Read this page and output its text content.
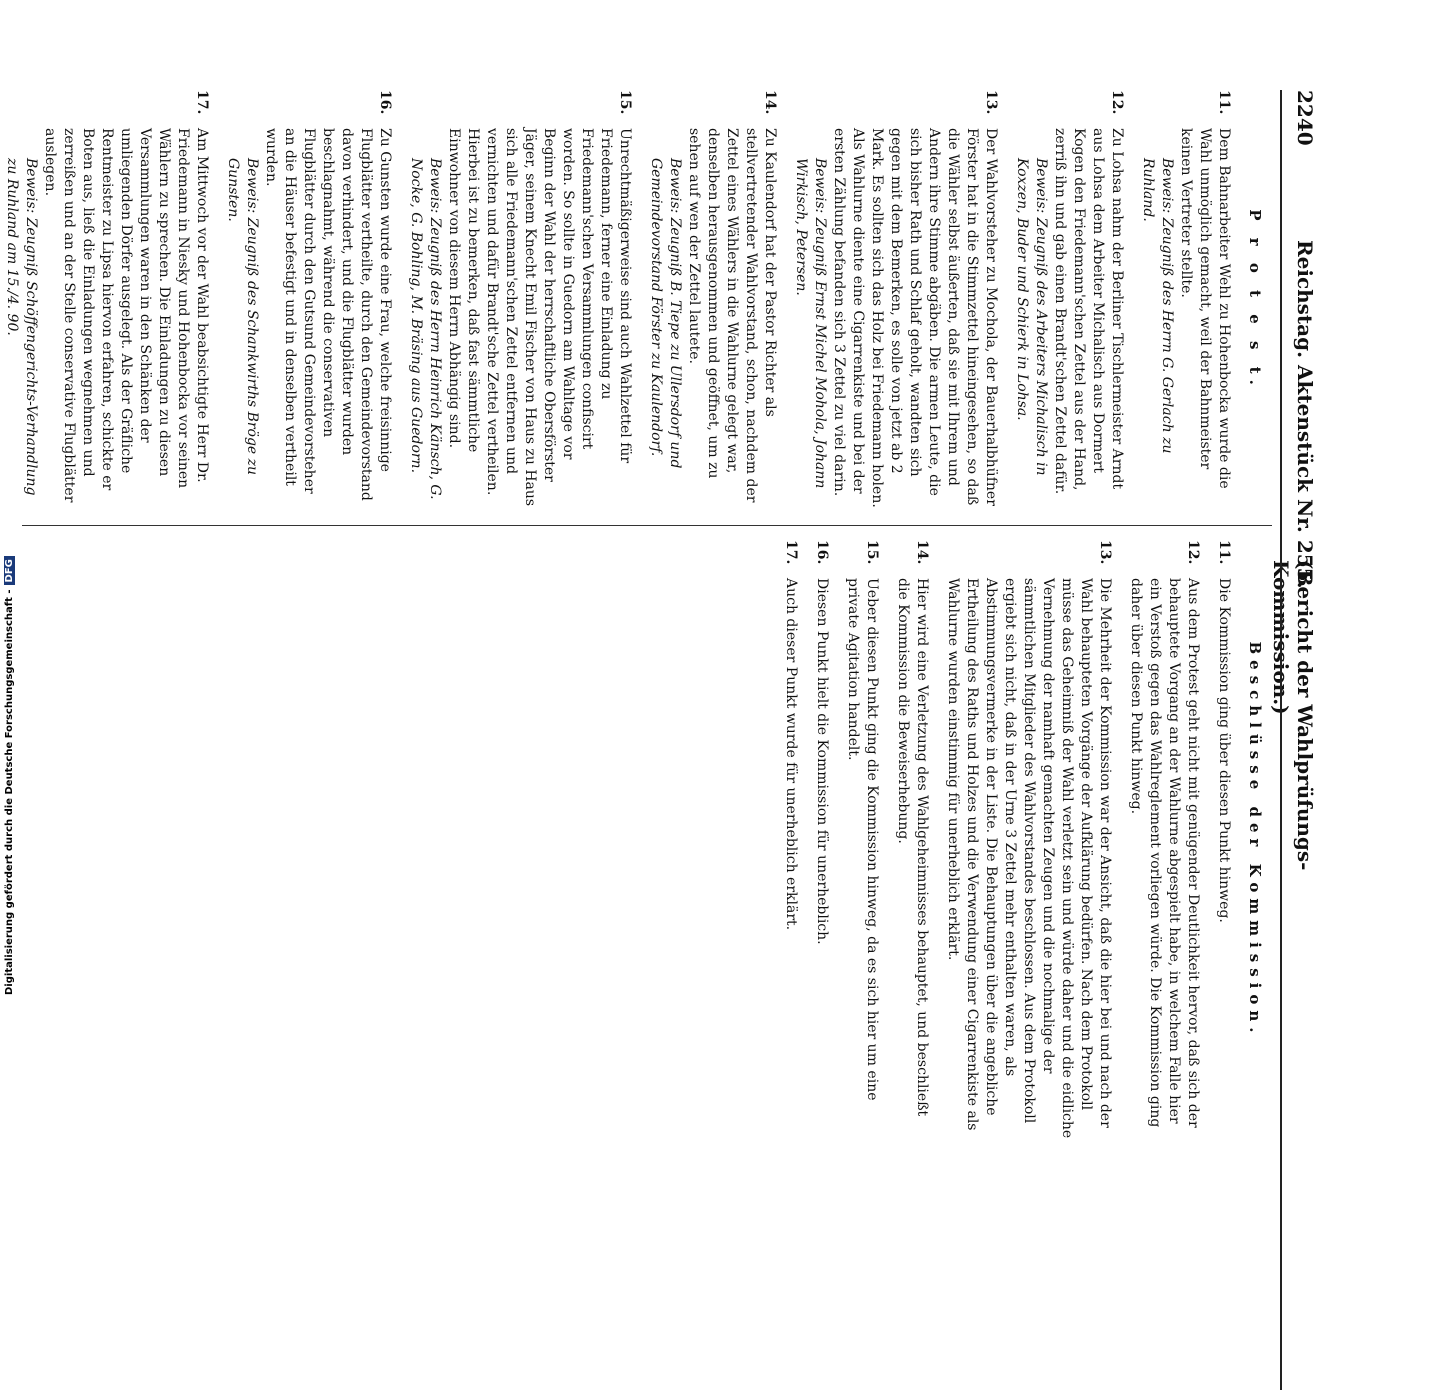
2240
Reichstag. Aktenstück Nr. 255.
(Bericht der Wahlprüfungs-Kommission.)
P r o t e s t.
11.
Dem Bahnarbeiter Wehl zu Hohenbocka wurde die Wahl unmöglich gemacht, weil der Bahnmeister keinen Vertreter stellte.
Beweis: Zeugniß des Herrn G. Gerlach zu Ruhland.
12.
Zu Lohsa nahm der Berliner Tischlermeister Arndt aus Lohsa dem Arbeiter Michalisch aus Dormert Kogen den Friedemann'schen Zettel aus der Hand, zerriß ihn und gab einen Brandt'schen Zettel dafür.
Beweis: Zeugniß des Arbeiters Michalisch in Koxzen, Buder und Schierk in Lohsa.
13.
Der Wahlvorsteher zu Mochola, der Bauerhalbhüfner Förster hat in die Stimmzettel hineingesehen, so daß die Wähler selbst äußerten, daß sie mit Ihrem und Andern ihre Stimme abgäben. Die armen Leute, die sich bisher Rath und Schlaf geholt, wandten sich gegen mit dem Bemerken, es solle von jetzt ab 2 Mark. Es sollten sich das Holz bei Friedemann holen. Als Wahlurne diente eine Cigarrenkiste und bei der ersten Zählung befanden sich 3 Zettel zu viel darin.
Beweis: Zeugniß Ernst Michel Mohola, Johann Wirkisch, Petersen.
14.
Zu Kaulendorf hat der Pastor Richter als stellvertretender Wahlvorstand, schon, nachdem der Zettel eines Wählers in die Wahlurne gelegt war, denselben herausgenommen und geöffnet, um zu sehen auf wen der Zettel lautete.
Beweis: Zeugniß B. Tiepe zu Ullersdorf und Gemeindevorstand Förster zu Kaulendorf.
15.
Unrechtmäßigerweise sind auch Wahlzettel für Friedemann, ferner eine Einladung zu Friedemann'schen Versammlungen confiscirt worden. So sollte in Guedorn am Wahltage vor Beginn der Wahl der herrschaftliche Obersförster Jäger, seinem Knecht Emil Fischer von Haus zu Haus sich alle Friedemann'schen Zettel entfernen und vernichten und dafür Brandt'sche Zettel vertheilen. Hierbei ist zu bemerken, daß fast sämmtliche Einwohner von diesem Herrn Abhängig sind.
Beweis: Zeugniß des Herrn Heinrich Känsch, G. Nocke, G. Bohling, M. Bräsing aus Guedorn.
16.
Zu Gunsten wurde eine Frau, welche freisinnige Flugblätter vertheilte, durch den Gemeindevorstand davon verhindert, und die Flugblätter wurden beschlagnahmt, während die conservativen Flugblätter durch den Gutsund Gemeindevorsteher an die Häuser befestigt und in denselben vertheilt wurden.
Beweis: Zeugniß des Schankwirths Bröge zu Gunsten.
17.
Am Mittwoch vor der Wahl beabsichtigte Herr Dr. Friedemann in Niesky und Hohenbocka vor seinen Wählern zu sprechen. Die Einladungen zu diesen Versammlungen waren in den Schänken der umliegenden Dörfer ausgelegt. Als der Gräfliche Rentmeister zu Lipsa hiervon erfahren, schickte er Boten aus, ließ die Einladungen wegnehmen und zerreißen und an der Stelle conservative Flugblätter auslegen.
Beweis: Zeugniß Schöffengerichts-Verhandlung zu Ruhland am 15./4. 90.
Beschlüsse der Kommission.
11.
Die Kommission ging über diesen Punkt hinweg.
12.
Aus dem Protest geht nicht mit genügender Deutlichkeit hervor, daß sich der behauptete Vorgang an der Wahlurne abgespielt habe, in welchem Falle hier ein Verstoß gegen das Wahlreglement vorliegen würde. Die Kommission ging daher über diesen Punkt hinweg.
13.
Die Mehrheit der Kommission war der Ansicht, daß die hier bei und nach der Wahl behaupteten Vorgänge der Aufklärung bedürfen. Nach dem Protokoll müsse das Geheimniß der Wahl verletzt sein und würde daher und die eidliche Vernehmung der namhaft gemachten Zeugen und die nochmalige der sämmtlichen Mitglieder des Wahlvorstandes beschlossen. Aus dem Protokoll ergiebt sich nicht, daß in der Urne 3 Zettel mehr enthalten waren, als Abstimmungsvermerke in der Liste. Die Behauptungen über die angebliche Ertheilung des Raths und Holzes und die Verwendung einer Cigarrenkiste als Wahlurne wurden einstimmig für unerheblich erklärt.
14.
Hier wird eine Verletzung des Wahlgeheimnisses behauptet, und beschließt die Kommission die Beweiserhebung.
15.
Ueber diesen Punkt ging die Kommission hinweg, da es sich hier um eine private Agitation handelt.
16.
Diesen Punkt hielt die Kommission für unerheblich.
17.
Auch dieser Punkt wurde für unerheblich erklärt.
Digitalisierung gefördert durch die Deutsche Forschungsgemeinschaft -DFG
